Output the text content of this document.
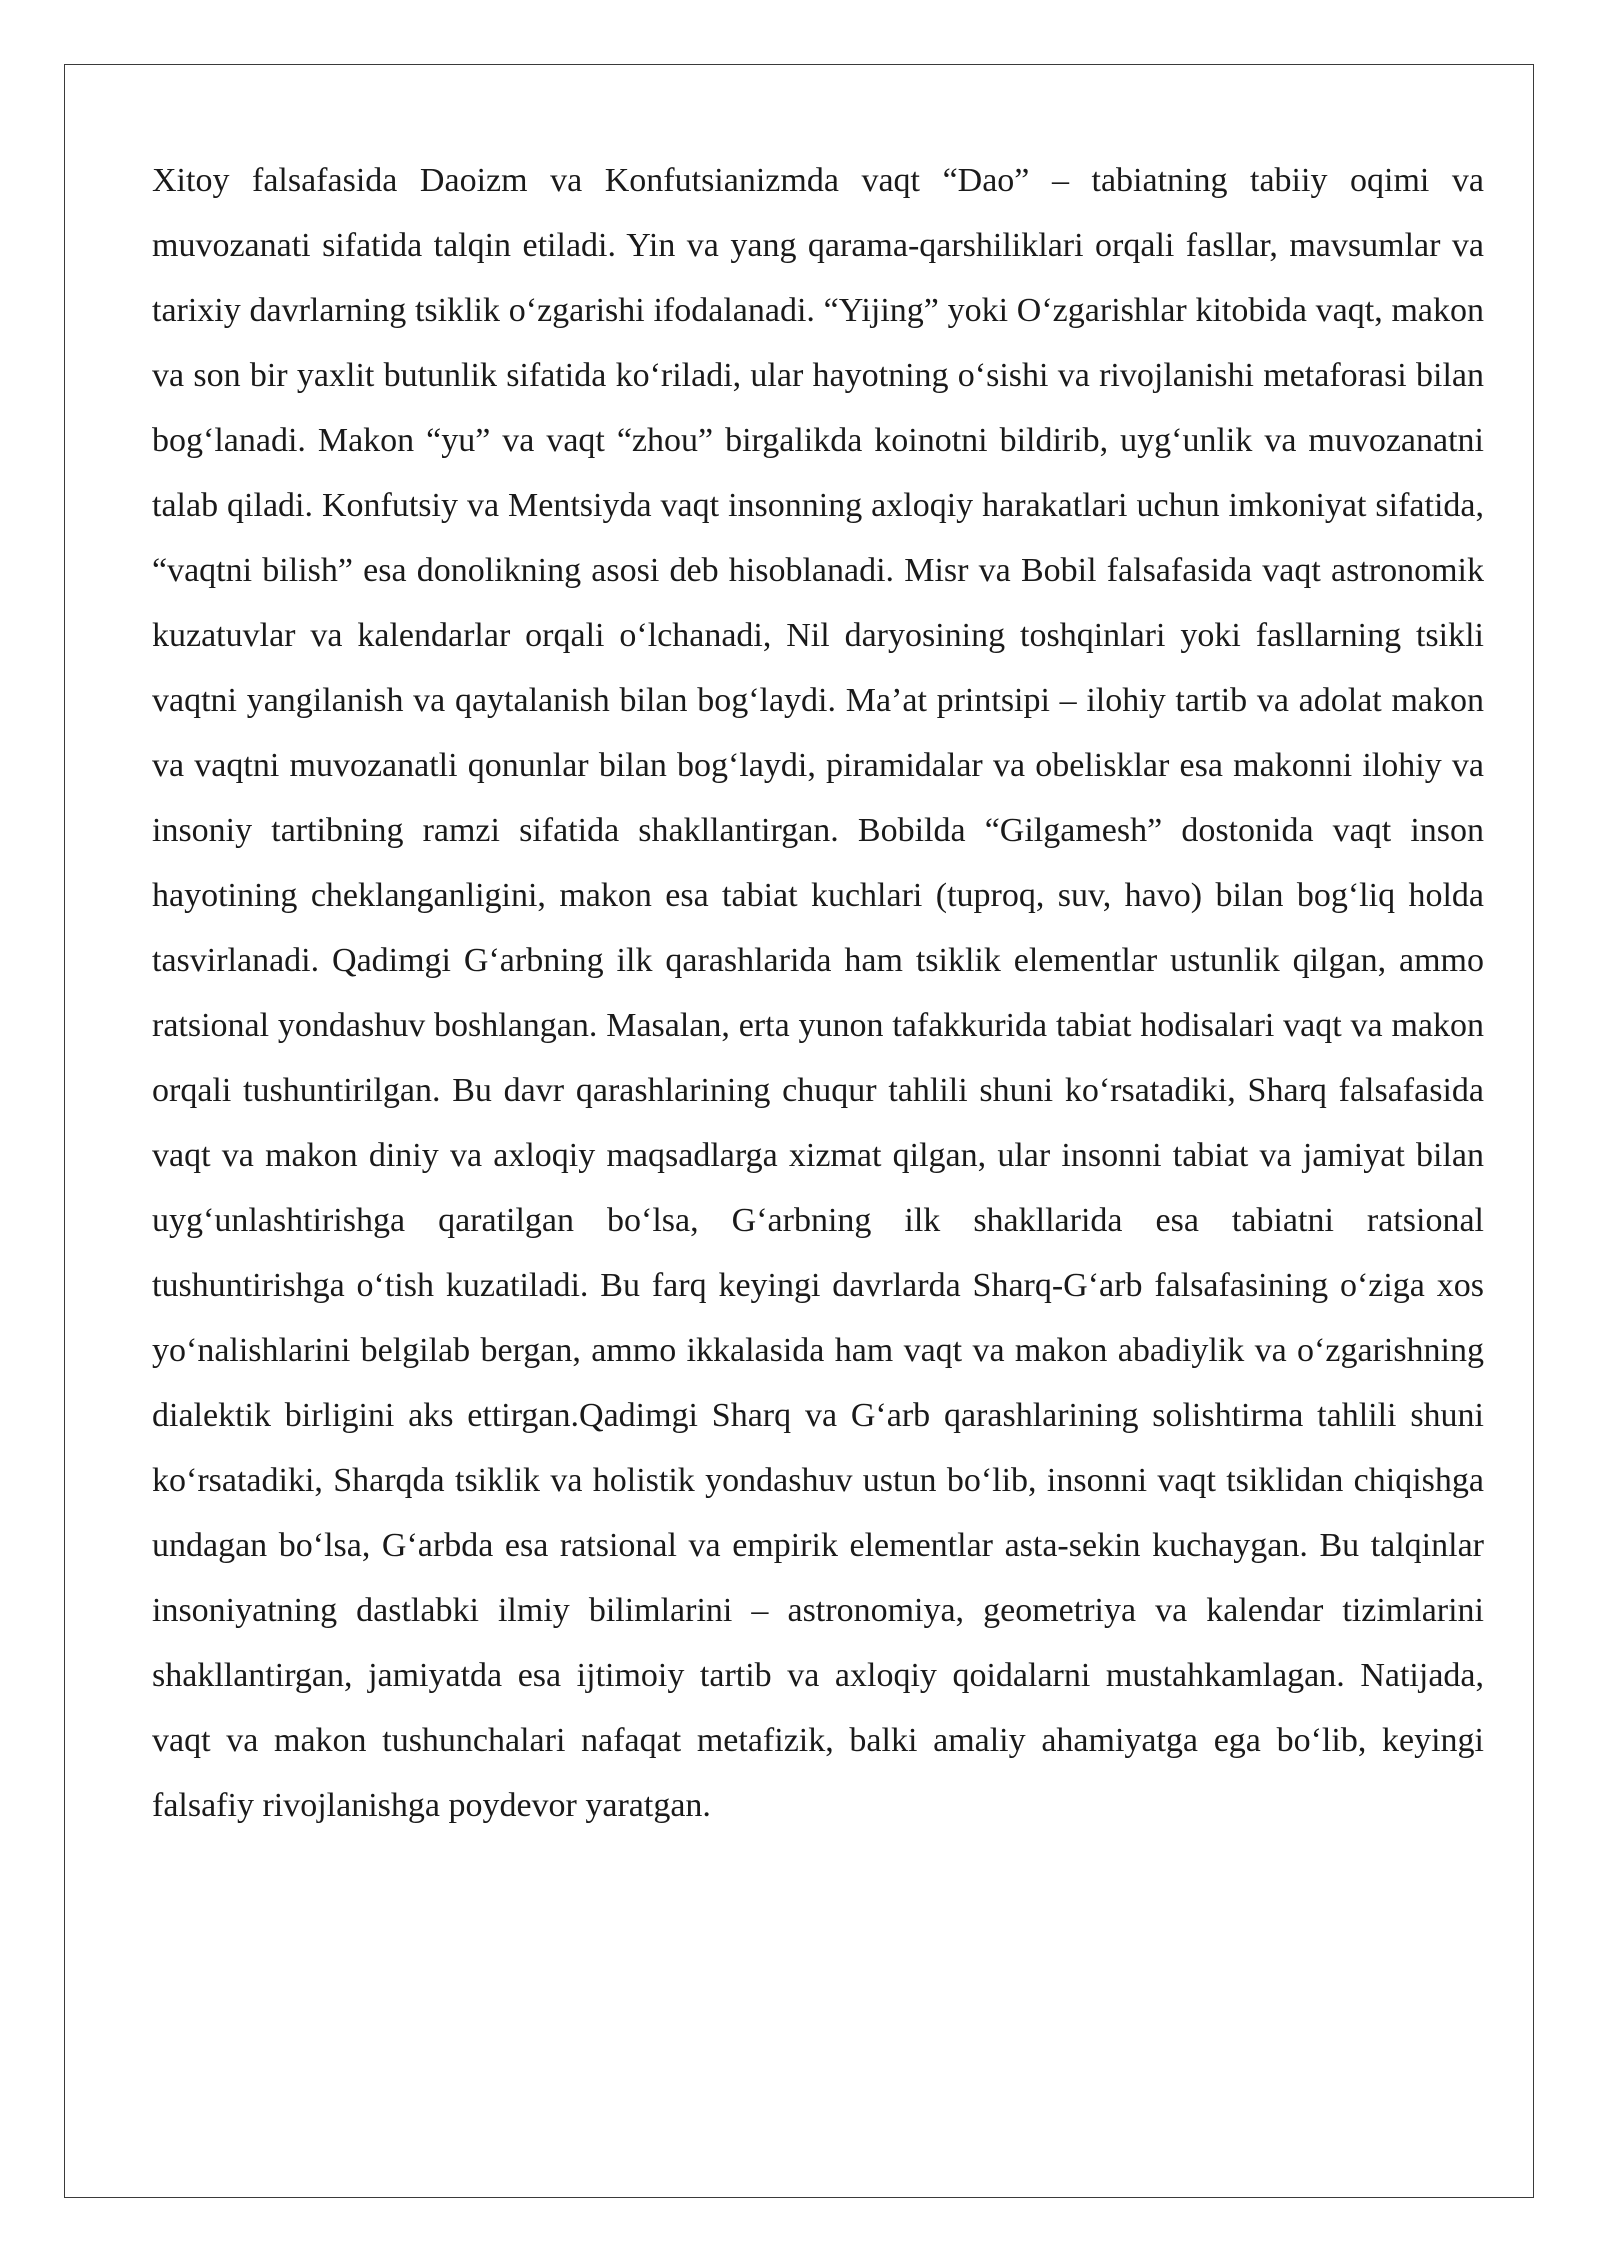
Xitoy falsafasida Daoizm va Konfutsianizmda vaqt “Dao” – tabiatning tabiiy oqimi va muvozanati sifatida talqin etiladi. Yin va yang qarama-qarshiliklari orqali fasllar, mavsumlar va tarixiy davrlarning tsiklik oʻzgarishi ifodalanadi. “Yijing” yoki Oʻzgarishlar kitobida vaqt, makon va son bir yaxlit butunlik sifatida koʻriladi, ular hayotning oʻsishi va rivojlanishi metaforasi bilan bogʻlanadi. Makon “yu” va vaqt “zhou” birgalikda koinotni bildirib, uygʻunlik va muvozanatni talab qiladi. Konfutsiy va Mentsiyda vaqt insonning axloqiy harakatlari uchun imkoniyat sifatida, “vaqtni bilish” esa donolikning asosi deb hisoblanadi. Misr va Bobil falsafasida vaqt astronomik kuzatuvlar va kalendarlar orqali oʻlchanadi, Nil daryosining toshqinlari yoki fasllarning tsikli vaqtni yangilanish va qaytalanish bilan bogʻlaydi. Ma’at printsipi – ilohiy tartib va adolat makon va vaqtni muvozanatli qonunlar bilan bogʻlaydi, piramidalar va obelisklar esa makonni ilohiy va insoniy tartibning ramzi sifatida shakllantirgan. Bobilda “Gilgamesh” dostonida vaqt inson hayotining cheklanganligini, makon esa tabiat kuchlari (tuproq, suv, havo) bilan bogʻliq holda tasvirlanadi. Qadimgi Gʻarbning ilk qarashlarida ham tsiklik elementlar ustunlik qilgan, ammo ratsional yondashuv boshlangan. Masalan, erta yunon tafakkurida tabiat hodisalari vaqt va makon orqali tushuntirilgan. Bu davr qarashlarining chuqur tahlili shuni koʻrsatadiki, Sharq falsafasida vaqt va makon diniy va axloqiy maqsadlarga xizmat qilgan, ular insonni tabiat va jamiyat bilan uygʻunlashtirishga qaratilgan boʻlsa, Gʻarbning ilk shakllarida esa tabiatni ratsional tushuntirishga oʻtish kuzatiladi. Bu farq keyingi davrlarda Sharq-Gʻarb falsafasining oʻziga xos yoʻnalishlarini belgilab bergan, ammo ikkalasida ham vaqt va makon abadiylik va oʻzgarishning dialektik birligini aks ettirgan.Qadimgi Sharq va Gʻarb qarashlarining solishtirma tahlili shuni koʻrsatadiki, Sharqda tsiklik va holistik yondashuv ustun boʻlib, insonni vaqt tsiklidan chiqishga undagan boʻlsa, Gʻarbda esa ratsional va empirik elementlar asta-sekin kuchaygan. Bu talqinlar insoniyatning dastlabki ilmiy bilimlarini – astronomiya, geometriya va kalendar tizimlarini shakllantirgan, jamiyatda esa ijtimoiy tartib va axloqiy qoidalarni mustahkamlagan. Natijada, vaqt va makon tushunchalari nafaqat metafizik, balki amaliy ahamiyatga ega boʻlib, keyingi falsafiy rivojlanishga poydevor yaratgan.
